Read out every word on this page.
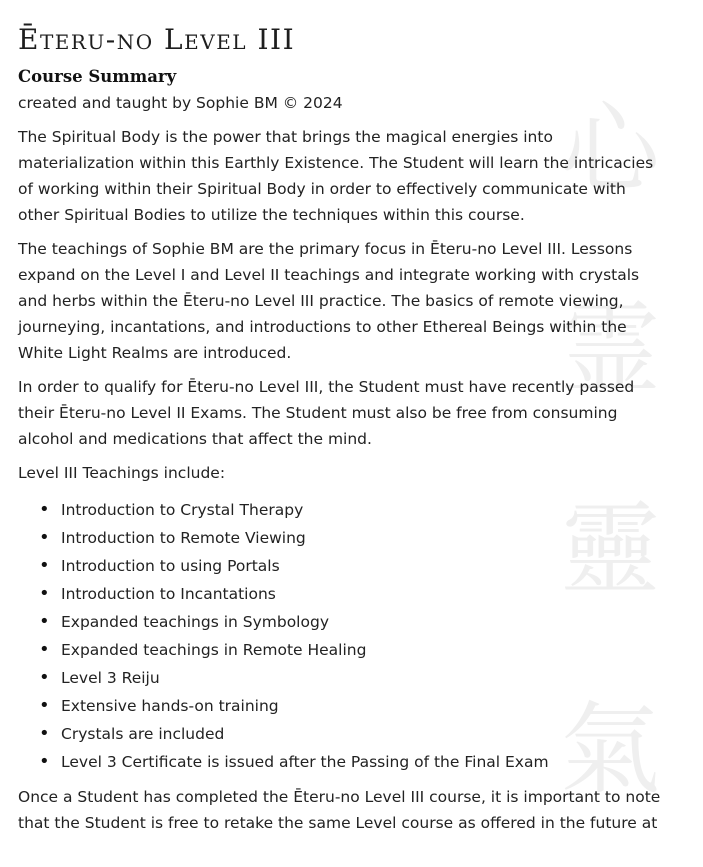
心
霊
靈
氣
Ēteru-no Level III
Course Summary
created and taught by Sophie BM © 2024

The Spiritual Body is the power that brings the magical energies into materialization within this Earthly Existence. The Student will learn the intricacies of working within their Spiritual Body in order to effectively communicate with other Spiritual Bodies to utilize the techniques within this course.

The teachings of Sophie BM are the primary focus in Ēteru-no Level III. Lessons expand on the Level I and Level II teachings and integrate working with crystals and herbs within the Ēteru-no Level III practice. The basics of remote viewing, journeying, incantations, and introductions to other Ethereal Beings within the White Light Realms are introduced.

In order to qualify for Ēteru-no Level III, the Student must have recently passed their Ēteru-no Level II Exams. The Student must also be free from consuming alcohol and medications that affect the mind.

Level III Teachings include:

• Introduction to Crystal Therapy
• Introduction to Remote Viewing
• Introduction to using Portals
• Introduction to Incantations
• Expanded teachings in Symbology
• Expanded teachings in Remote Healing
• Level 3 Reiju
• Extensive hands-on training
• Crystals are included
• Level 3 Certificate is issued after the Passing of the Final Exam

Once a Student has completed the Ēteru-no Level III course, it is important to note that the Student is free to retake the same Level course as offered in the future at
